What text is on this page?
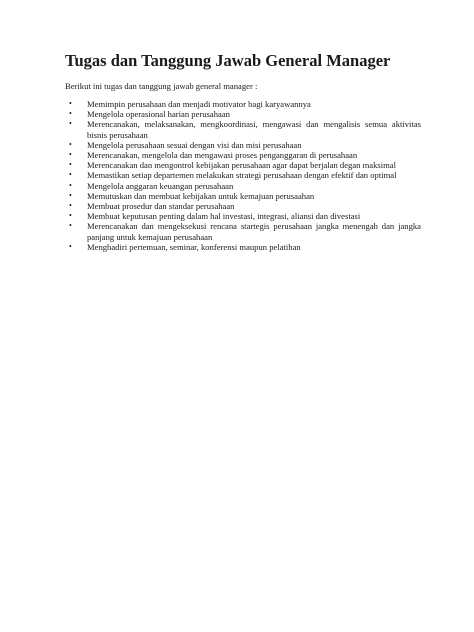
Tugas dan Tanggung Jawab General Manager

Berikut ini tugas dan tanggung jawab general manager :

• Memimpin perusahaan dan menjadi motivator bagi karyawannya
• Mengelola operasional harian perusahaan
• Merencanakan, melaksanakan, mengkoordinasi, mengawasi dan mengalisis semua aktivitas bisnis perusahaan
• Mengelola perusahaan sesuai dengan visi dan misi perusahaan
• Merencanakan, mengelola dan mengawasi proses penganggaran di perusahaan
• Merencanakan dan mengontrol kebijakan perusahaan agar dapat berjalan degan maksimal
• Memastikan setiap departemen melakukan strategi perusahaan dengan efektif dan optimal
• Mengelola anggaran keuangan perusahaan
• Memutuskan dan membuat kebijakan untuk kemajuan perusaahan
• Membuat prosedur dan standar perusahaan
• Membuat keputusan penting dalam hal investasi, integrasi, aliansi dan divestasi
• Merencanakan dan mengeksekusi rencana startegis perusahaan jangka menengah dan jangka panjang untuk kemajuan perusahaan
• Menghadiri pertemuan, seminar, konferensi maupun pelatihan
